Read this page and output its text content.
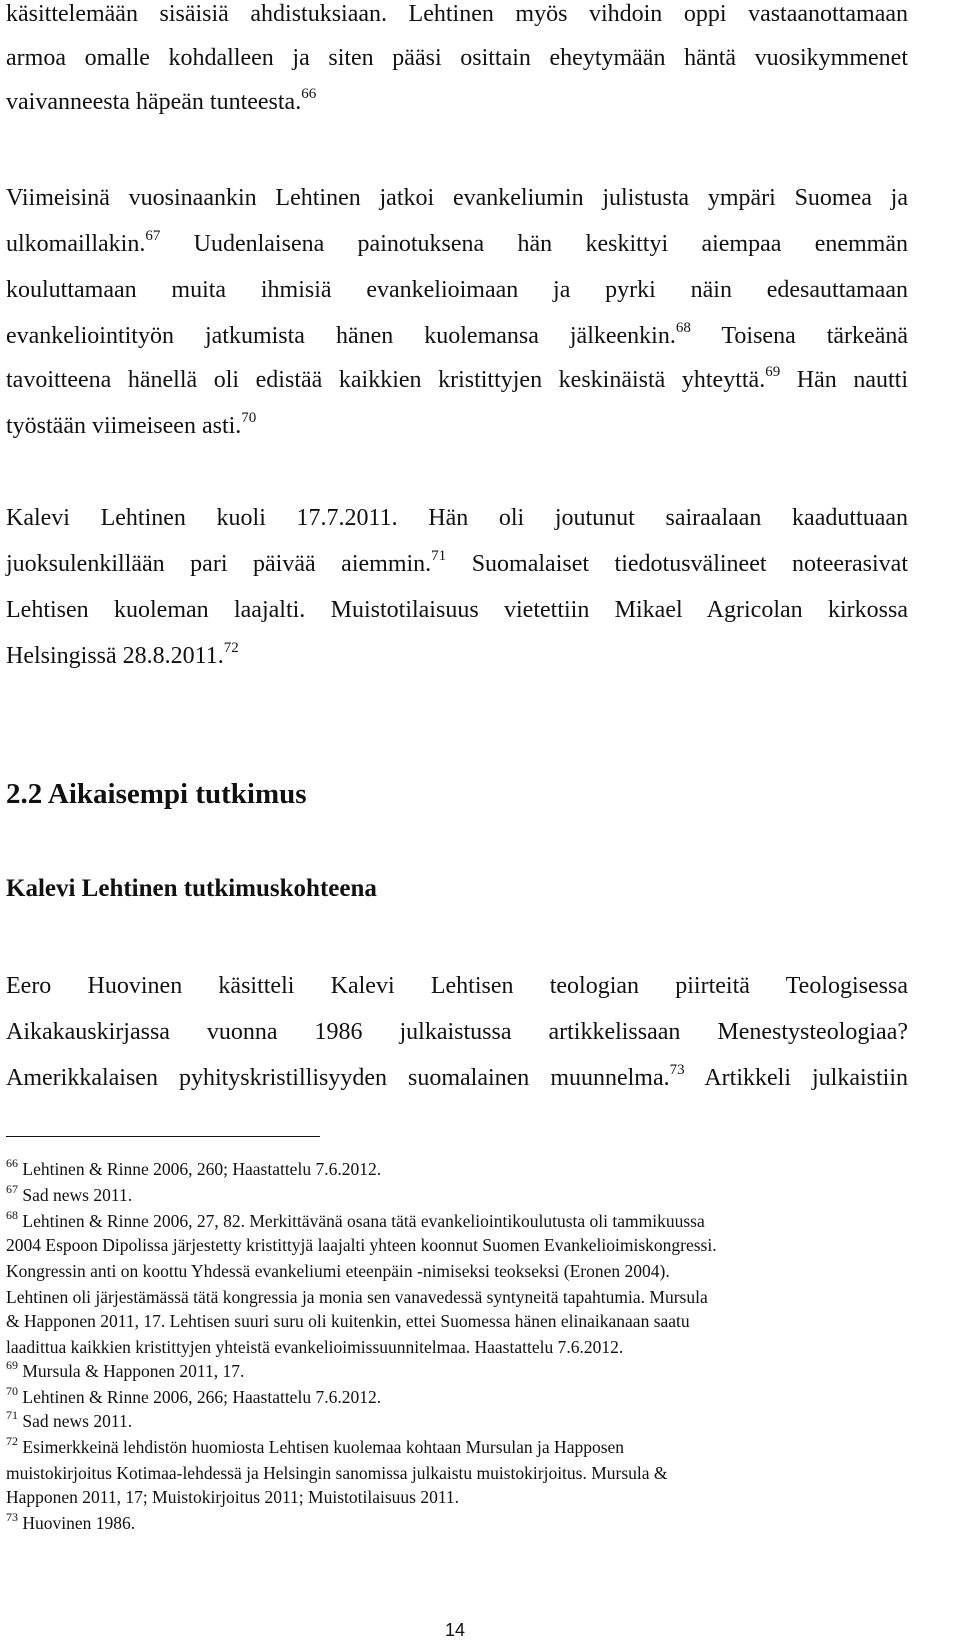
käsittelemään sisäisiä ahdistuksiaan. Lehtinen myös vihdoin oppi vastaanottamaan
armoa omalle kohdalleen ja siten pääsi osittain eheytymään häntä vuosikymmenet
vaivanneesta häpeän tunteesta.$^{66}$
Viimeisinä vuosinaankin Lehtinen jatkoi evankeliumin julistusta ympäri Suomea ja
ulkomaillakin.$^{67}$ Uudenlaisena painotuksena hän keskittyi aiempaa enemmän
kouluttamaan muita ihmisiä evankelioimaan ja pyrki näin edesauttamaan
evankeliointityön jatkumista hänen kuolemansa jälkeenkin.$^{68}$ Toisena tärkeänä
tavoitteena hänellä oli edistää kaikkien kristittyjen keskinäistä yhteyttä.$^{69}$ Hän nautti
työstään viimeiseen asti.$^{70}$
Kalevi Lehtinen kuoli 17.7.2011. Hän oli joutunut sairaalaan kaaduttuaan
juoksulenkillään pari päivää aiemmin.$^{71}$ Suomalaiset tiedotusvälineet noteerasivat
Lehtisen kuoleman laajalti. Muistotilaisuus vietettiin Mikael Agricolan kirkossa
Helsingissä 28.8.2011.72
2.2 Aikaisempi tutkimus
Kalevi Lehtinen tutkimuskohteena
Eero Huovinen käsitteli Kalevi Lehtisen teologian piirteitä Teologisessa
Aikakauskirjassa vuonna 1986 julkaistussa artikkelissaan Menestysteologiaa?
Amerikkalaisen pyhityskristillisyyden suomalainen muunnelma.$^{73}$ Artikkeli julkaistiin
$^{66}$ Lehtinen & Rinne 2006, 260; Haastattelu 7.6.2012.
$^{67}$ Sad news 2011.
$^{68}$ Lehtinen & Rinne 2006, 27, 82. Merkittävänä osana tätä evankeliointikoulutusta oli tammikuussa
2004 Espoon Dipolissa järjestetty kristittyjä laajalti yhteen koonnut Suomen Evankelioimiskongressi.
Kongressin anti on koottu Yhdessä evankeliumi eteenpäin -nimiseksi teokseksi (Eronen 2004).
Lehtinen oli järjestämässä tätä kongressia ja monia sen vanavedessä syntyneitä tapahtumia. Mursula
& Happonen 2011, 17. Lehtisen suuri suru oli kuitenkin, ettei Suomessa hänen elinaikanaan saatu
laadittua kaikkien kristittyjen yhteistä evankelioimissuunnitelmaa. Haastattelu 7.6.2012.
$^{69}$ Mursula & Happonen 2011, 17.
$^{70}$ Lehtinen & Rinne 2006, 266; Haastattelu 7.6.2012.
$^{71}$ Sad news 2011.
$^{72}$ Esimerkkeinä lehdistön huomiosta Lehtisen kuolemaa kohtaan Mursulan ja Happosen
muistokirjoitus Kotimaa-lehdessä ja Helsingin sanomissa julkaistu muistokirjoitus. Mursula &
Happonen 2011, 17; Muistokirjoitus 2011; Muistotilaisuus 2011.
$^{73}$ Huovinen 1986.
14
